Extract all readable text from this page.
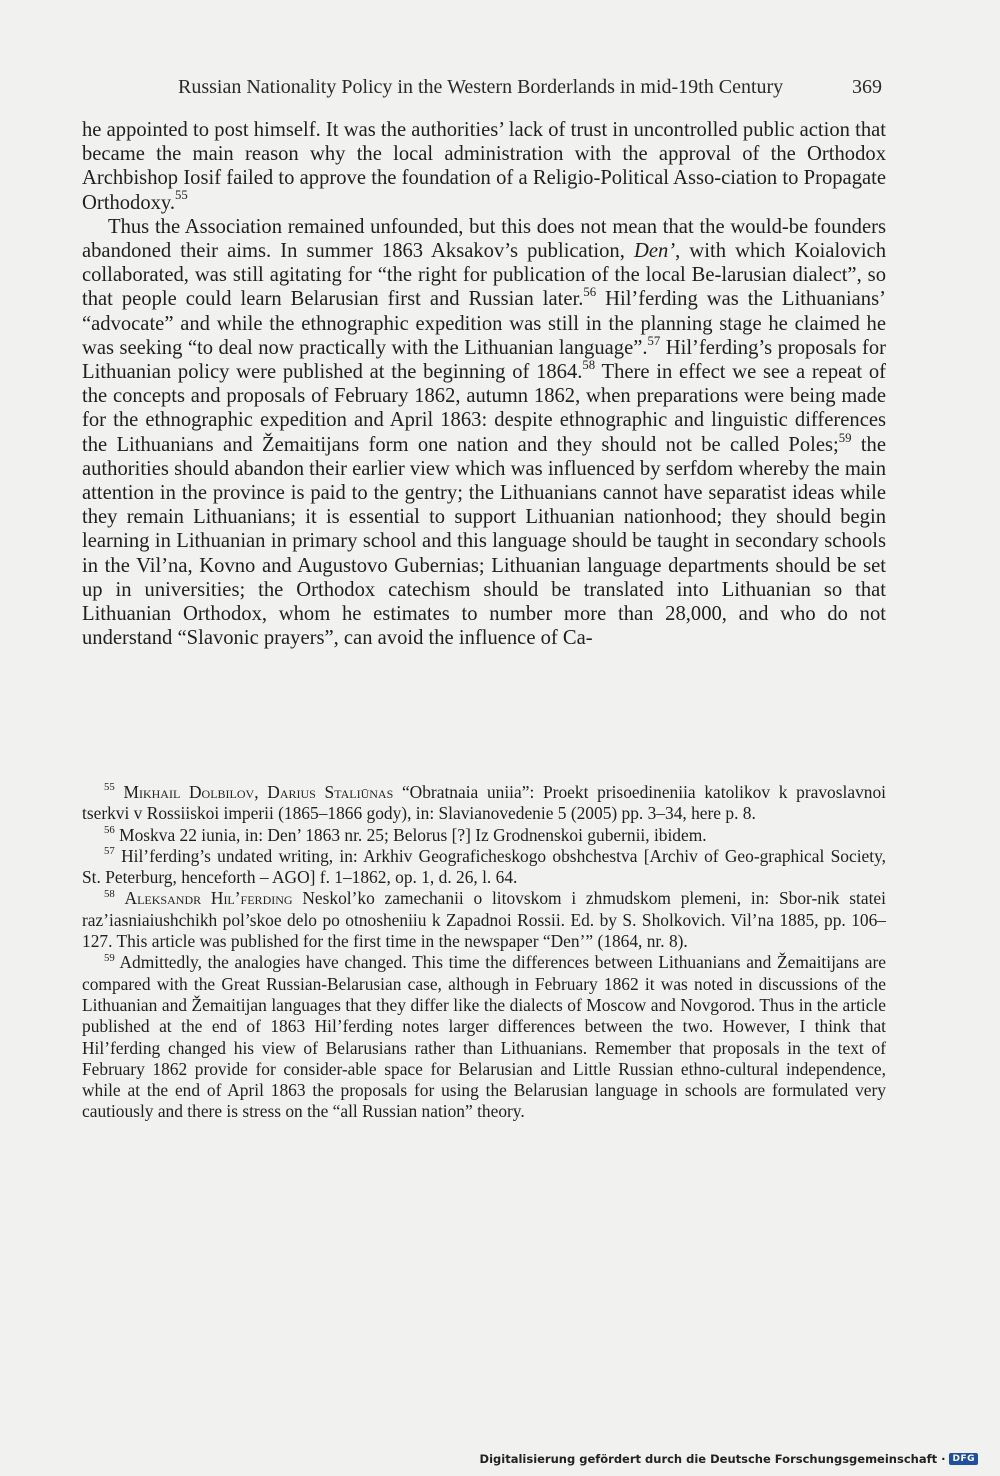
Russian Nationality Policy in the Western Borderlands in mid-19th Century	369

he appointed to post himself. It was the authorities’ lack of trust in uncontrolled public action that became the main reason why the local administration with the approval of the Orthodox Archbishop Iosif failed to approve the foundation of a Religio-Political Asso-ciation to Propagate Orthodoxy.$^{55}$

Thus the Association remained unfounded, but this does not mean that the would-be founders abandoned their aims. In summer 1863 Aksakov’s publication, Den’, with which Koialovich collaborated, was still agitating for “the right for publication of the local Be-larusian dialect”, so that people could learn Belarusian first and Russian later.$^{56}$ Hil’ferding was the Lithuanians’ “advocate” and while the ethnographic expedition was still in the planning stage he claimed he was seeking “to deal now practically with the Lithuanian language”.$^{57}$ Hil’ferding’s proposals for Lithuanian policy were published at the beginning of 1864.58 There in effect we see a repeat of the concepts and proposals of February 1862, autumn 1862, when preparations were being made for the ethnographic expedition and April 1863: despite ethnographic and linguistic differences the Lithuanians and Žemaitijans form one nation and they should not be called Poles;$^{59}$ the authorities should abandon their earlier view which was influenced by serfdom whereby the main attention in the province is paid to the gentry; the Lithuanians cannot have separatist ideas while they remain Lithuanians; it is essential to support Lithuanian nationhood; they should begin learning in Lithuanian in primary school and this language should be taught in secondary schools in the Vil’na, Kovno and Augustovo Gubernias; Lithuanian language departments should be set up in universities; the Orthodox catechism should be translated into Lithuanian so that Lithuanian Orthodox, whom he estimates to number more than 28,000, and who do not understand “Slavonic prayers”, can avoid the influence of Ca-

$^{55}$ Mikhail Dolbilov, Darius Staliūnas “Obratnaia uniia”: Proekt prisoedineniia katolikov k pravoslavnoi tserkvi v Rossiiskoi imperii (1865–1866 gody), in: Slavianovedenie 5 (2005) pp. 3–34, here p. 8.

$^{56}$ Moskva 22 iunia, in: Den’ 1863 nr. 25; Belorus [?] Iz Grodnenskoi gubernii, ibidem.

$^{57}$ Hil’ferding’s undated writing, in: Arkhiv Geograficheskogo obshchestva [Archiv of Geo-graphical Society, St. Peterburg, henceforth – AGO] f. 1–1862, op. 1, d. 26, l. 64.

$^{58}$ Aleksandr Hil’ferding Neskol’ko zamechanii o litovskom i zhmudskom plemeni, in: Sbor-nik statei raz’iasniaiushchikh pol’skoe delo po otnosheniiu k Zapadnoi Rossii. Ed. by S. Sholkovich. Vil’na 1885, pp. 106–127. This article was published for the first time in the newspaper “Den’” (1864, nr. 8).

$^{59}$ Admittedly, the analogies have changed. This time the differences between Lithuanians and Žemaitijans are compared with the Great Russian-Belarusian case, although in February 1862 it was noted in discussions of the Lithuanian and Žemaitijan languages that they differ like the dialects of Moscow and Novgorod. Thus in the article published at the end of 1863 Hil’ferding notes larger differences between the two. However, I think that Hil’ferding changed his view of Belarusians rather than Lithuanians. Remember that proposals in the text of February 1862 provide for consider-able space for Belarusian and Little Russian ethno-cultural independence, while at the end of April 1863 the proposals for using the Belarusian language in schools are formulated very cautiously and there is stress on the “all Russian nation” theory.

Digitalisierung gefördert durch die Deutsche Forschungsgemeinschaft · DFG
